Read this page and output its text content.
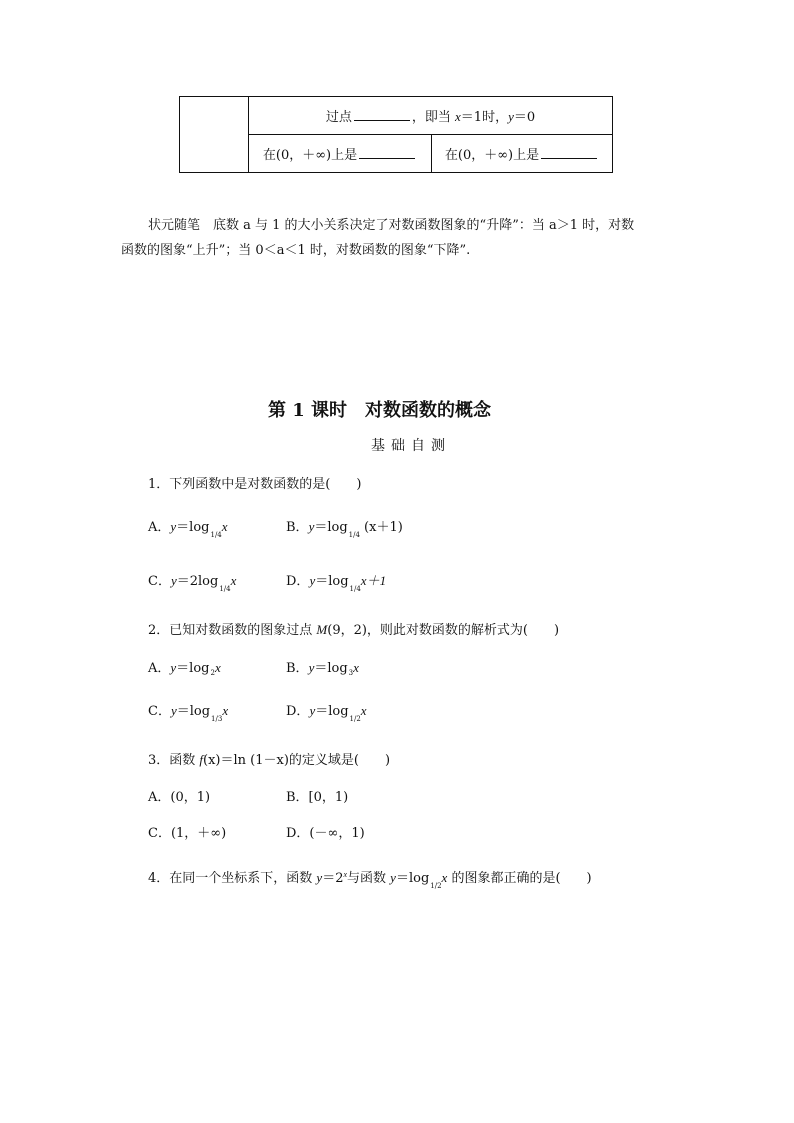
	过点 ，即当 x＝1时，y＝0	
	在(0，＋∞)上是	在(0，＋∞)上是
状元随笔　底数 a 与 1 的大小关系决定了对数函数图象的“升降”：当 a＞1 时，对数
函数的图象“上升”；当 0＜a＜1 时，对数函数的图象“下降”.
第 1 课时　对数函数的概念
基础自测
1．下列函数中是对数函数的是(　　)
A．$y=\log_{1/4}x$	B．$y=\log_{1/4}$ (x＋1)
C．$y=2\log_{1/4}x$	D．$y=\log_{1/4}x+1$
2．已知对数函数的图象过点 M(9，2)，则此对数函数的解析式为(　　)
A．$y=\log_2x$	B．$y=\log_3x$
C．$y=\log_{1/3}x$	D．$y=\log_{1/2}x$
3．函数 f(x)＝ln (1－x)的定义域是(　　)
A．(0，1)	B．[0，1)
C．(1，＋∞)	D．(－∞，1)
4．在同一个坐标系下，函数 $y=2^x$与函数 $y=\log_{1/2}x$ 的图象都正确的是(　　)
